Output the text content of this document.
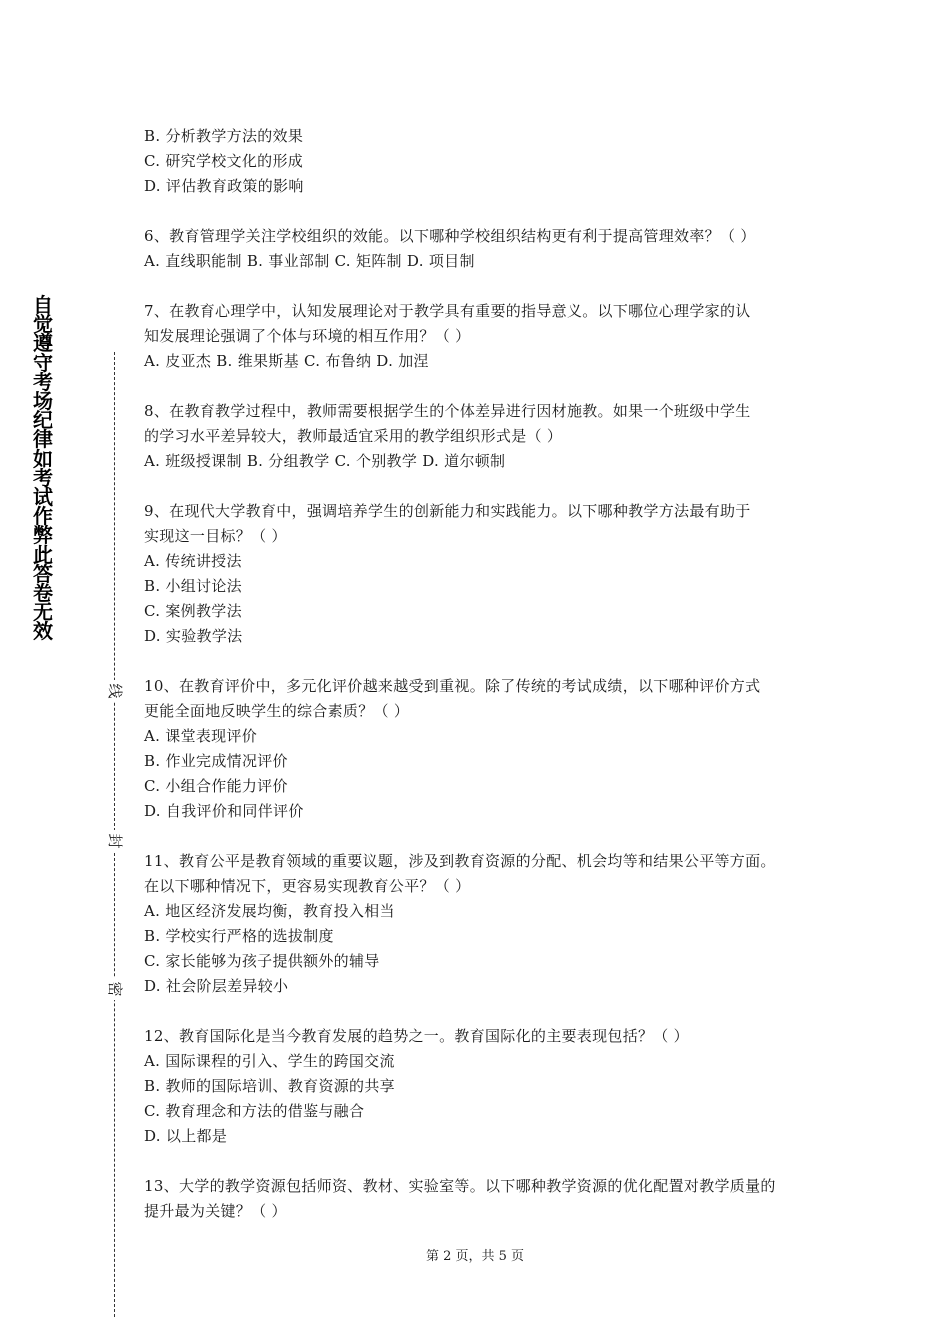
自
觉
遵
守
考
场
纪
律
如
考
试
作
弊
此
答
卷
无
效
线
封
密

B. 分析教学方法的效果

C. 研究学校文化的形成

D. 评估教育政策的影响

6、教育管理学关注学校组织的效能。以下哪种学校组织结构更有利于提高管理效率？（ ）

A. 直线职能制 B. 事业部制 C. 矩阵制 D. 项目制

7、在教育心理学中，认知发展理论对于教学具有重要的指导意义。以下哪位心理学家的认

知发展理论强调了个体与环境的相互作用？（ ）

A. 皮亚杰 B. 维果斯基 C. 布鲁纳 D. 加涅

8、在教育教学过程中，教师需要根据学生的个体差异进行因材施教。如果一个班级中学生

的学习水平差异较大，教师最适宜采用的教学组织形式是（ ）

A. 班级授课制 B. 分组教学 C. 个别教学 D. 道尔顿制

9、在现代大学教育中，强调培养学生的创新能力和实践能力。以下哪种教学方法最有助于

实现这一目标？（ ）

A. 传统讲授法

B. 小组讨论法

C. 案例教学法

D. 实验教学法

10、在教育评价中，多元化评价越来越受到重视。除了传统的考试成绩，以下哪种评价方式

更能全面地反映学生的综合素质？（ ）

A. 课堂表现评价

B. 作业完成情况评价

C. 小组合作能力评价

D. 自我评价和同伴评价

11、教育公平是教育领域的重要议题，涉及到教育资源的分配、机会均等和结果公平等方面。

在以下哪种情况下，更容易实现教育公平？（ ）

A. 地区经济发展均衡，教育投入相当

B. 学校实行严格的选拔制度

C. 家长能够为孩子提供额外的辅导

D. 社会阶层差异较小

12、教育国际化是当今教育发展的趋势之一。教育国际化的主要表现包括？（ ）

A. 国际课程的引入、学生的跨国交流

B. 教师的国际培训、教育资源的共享

C. 教育理念和方法的借鉴与融合

D. 以上都是

13、大学的教学资源包括师资、教材、实验室等。以下哪种教学资源的优化配置对教学质量的

提升最为关键？（ ）

第 2 页，共 5 页
